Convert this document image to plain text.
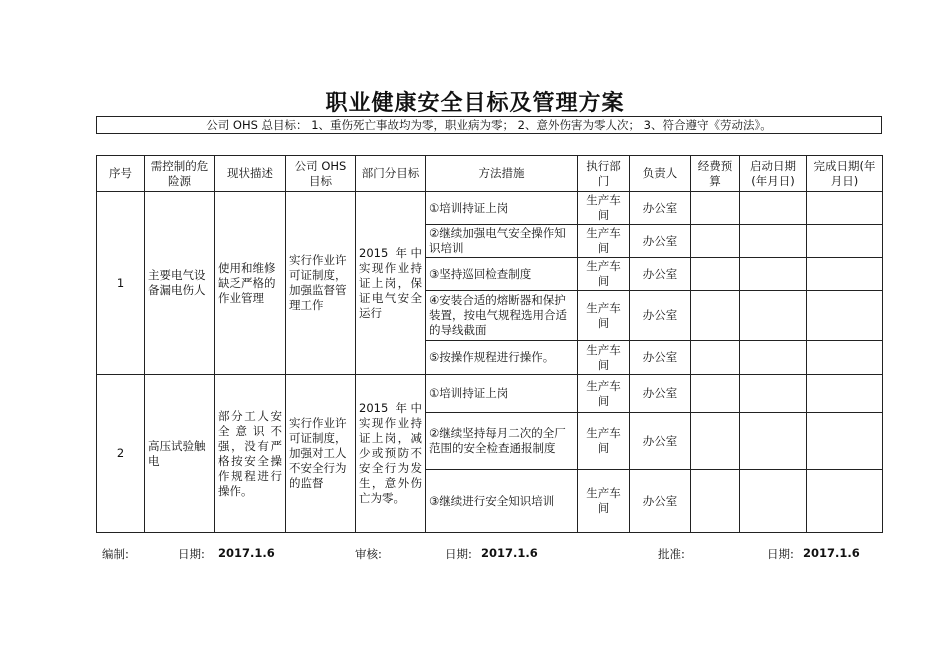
职业健康安全目标及管理方案
公司 OHS 总目标： 1、重伤死亡事故均为零，职业病为零； 2、意外伤害为零人次； 3、符合遵守《劳动法》。
序号	需控制的危险源	现状描述	公司 OHS 目标	部门分目标	方法措施	执行部门	负责人	经费预算	启动日期(年月日)	完成日期(年月日)
1	主要电气设备漏电伤人	使用和维修缺乏严格的作业管理	实行作业许可证制度，加强监督管理工作	2015 年中实现作业持证上岗，保证电气安全运行	①培训持证上岗	生产车间	办公室			
					②继续加强电气安全操作知识培训	生产车间	办公室			
					③坚持巡回检查制度	生产车间	办公室			
					④安装合适的熔断器和保护装置，按电气规程选用合适的导线截面	生产车间	办公室			
					⑤按操作规程进行操作。	生产车间	办公室			
2	高压试验触电	部分工人安全意识不强，没有严格按安全操作规程进行操作。	实行作业许可证制度，加强对工人不安全行为的监督	2015 年中实现作业持证上岗，减少或预防不安全行为发生，意外伤亡为零。	①培训持证上岗	生产车间	办公室			
					②继续坚持每月二次的全厂范围的安全检查通报制度	生产车间	办公室			
					③继续进行安全知识培训	生产车间	办公室			
编制:	日期: 2017.1.6	审核:	日期: 2017.1.6	批准:	日期: 2017.1.6
